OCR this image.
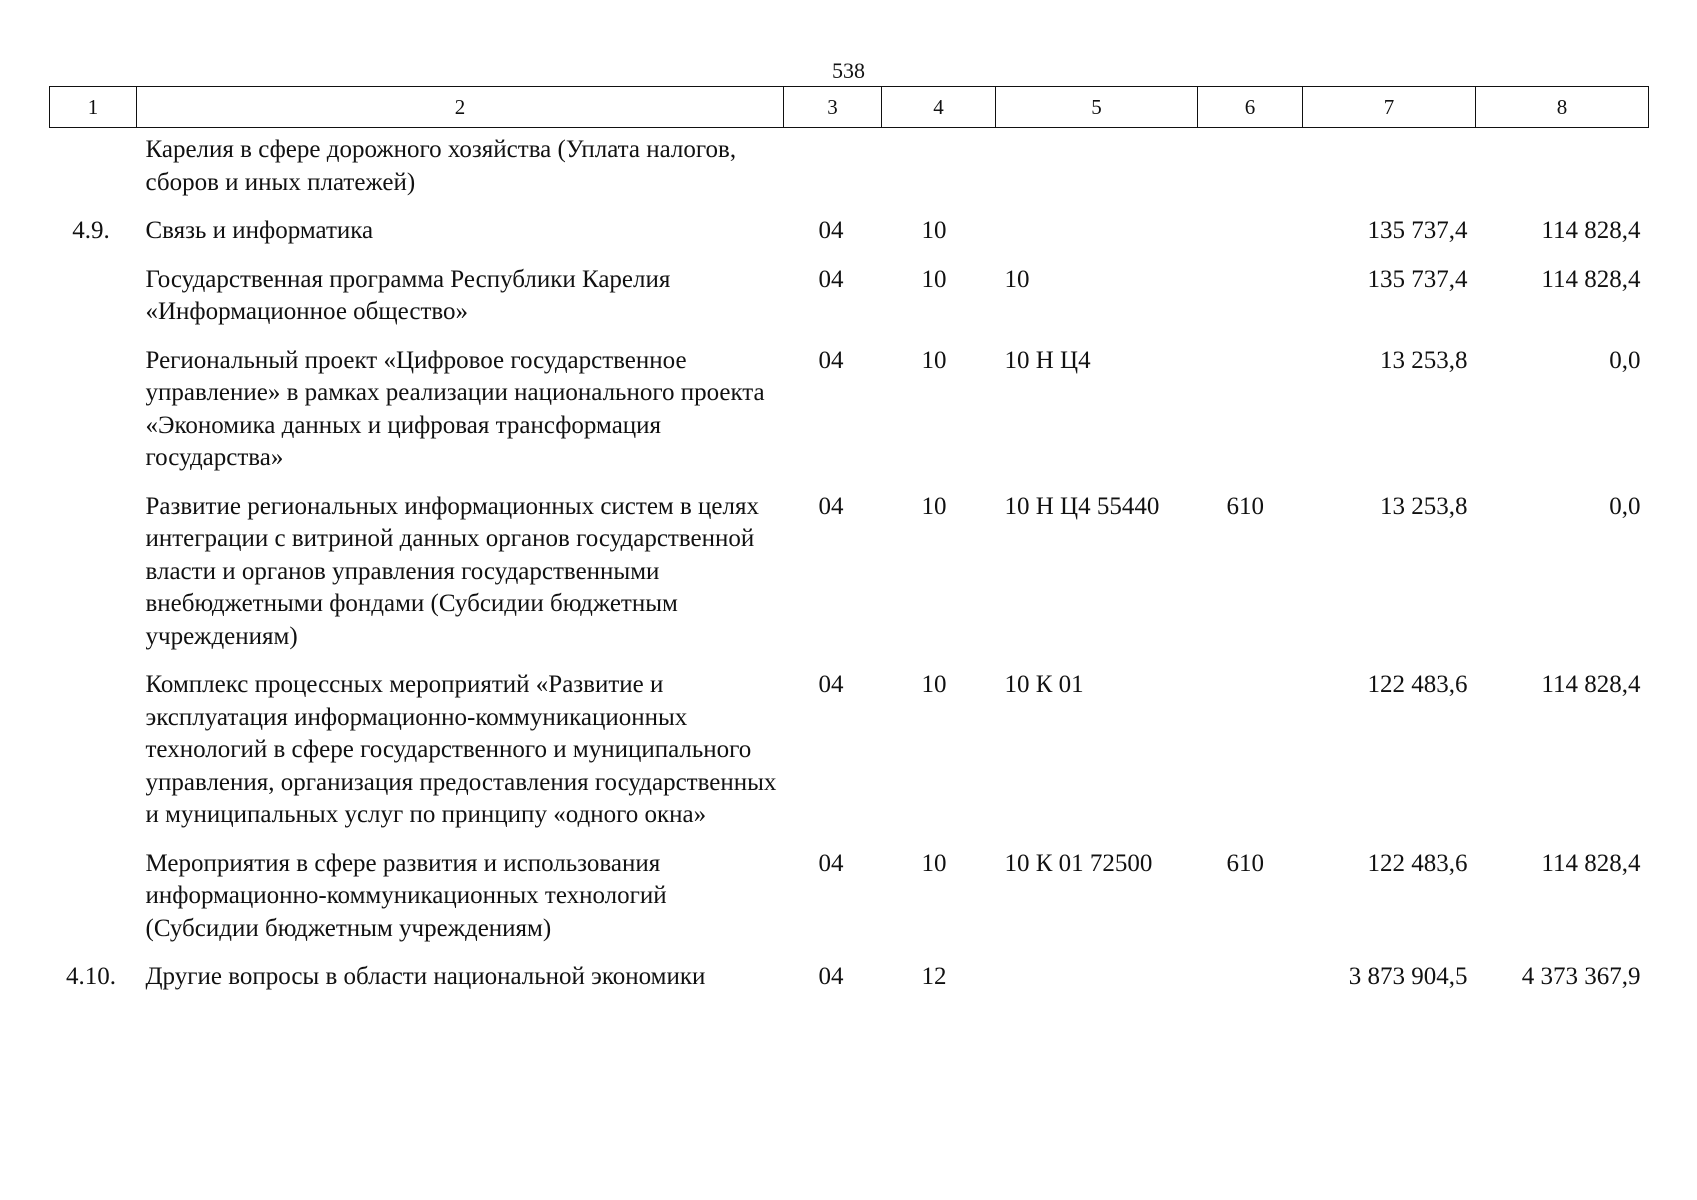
538
1	2	3	4	5	6	7	8
	Карелия в сфере дорожного хозяйства (Уплата налогов, сборов и иных платежей)						
4.9.	Связь и информатика	04	10			135 737,4	114 828,4
	Государственная программа Республики Карелия «Информационное общество»	04	10	10		135 737,4	114 828,4
	Региональный проект «Цифровое государственное управление» в рамках реализации национального проекта «Экономика данных и цифровая трансформация государства»	04	10	10 Н Ц4		13 253,8	0,0
	Развитие региональных информационных систем в целях интеграции с витриной данных органов государственной власти и органов управления государственными внебюджетными фондами (Субсидии бюджетным учреждениям)	04	10	10 Н Ц4 55440	610	13 253,8	0,0
	Комплекс процессных мероприятий «Развитие и эксплуатация информационно-коммуникационных технологий в сфере государственного и муниципального управления, организация предоставления государственных и муниципальных услуг по принципу «одного окна»	04	10	10 К 01		122 483,6	114 828,4
	Мероприятия в сфере развития и использования информационно-коммуникационных технологий (Субсидии бюджетным учреждениям)	04	10	10 К 01 72500	610	122 483,6	114 828,4
4.10.	Другие вопросы в области национальной экономики	04	12			3 873 904,5	4 373 367,9
